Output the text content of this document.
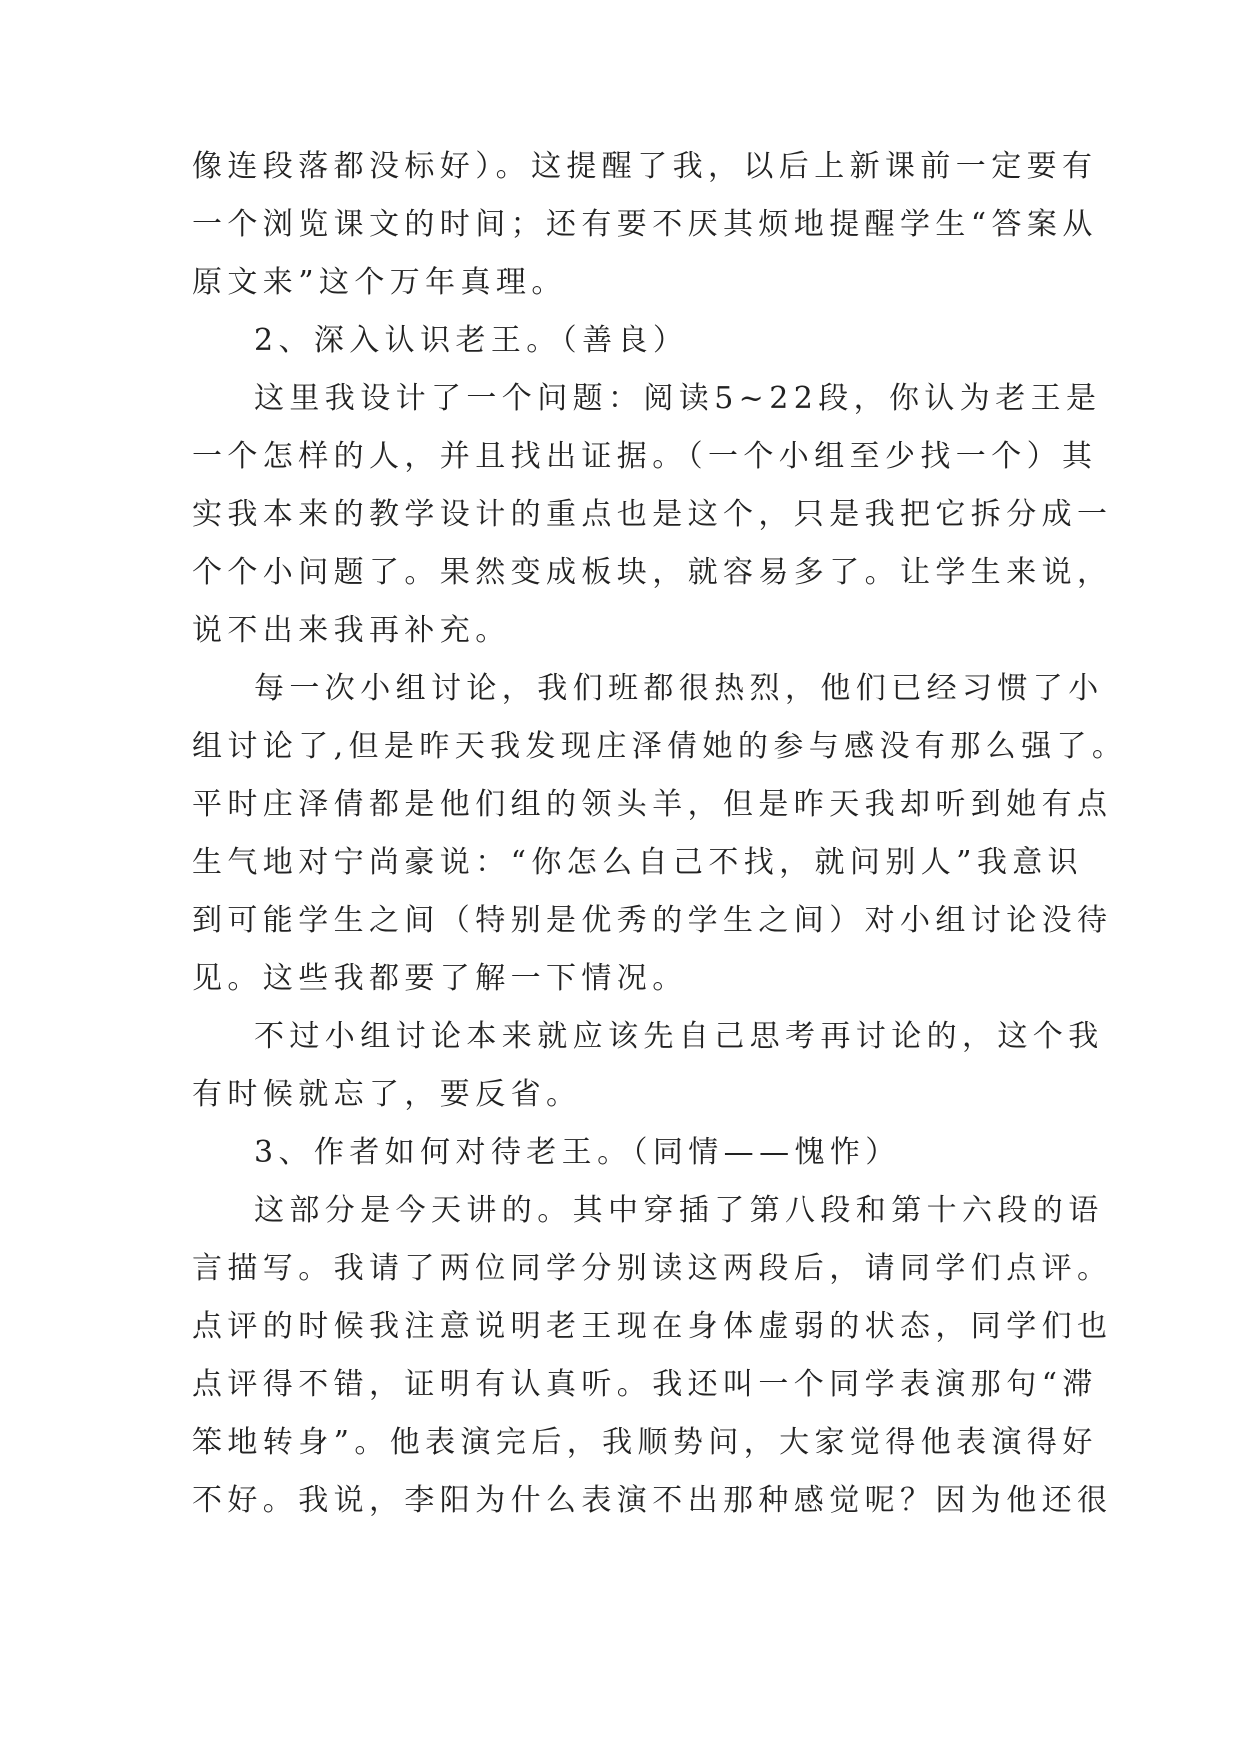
像连段落都没标好）。这提醒了我，以后上新课前一定要有
一个浏览课文的时间；还有要不厌其烦地提醒学生“答案从
原文来”这个万年真理。
2、深入认识老王。（善良）
这里我设计了一个问题：阅读5~22段，你认为老王是
一个怎样的人，并且找出证据。（一个小组至少找一个）其
实我本来的教学设计的重点也是这个，只是我把它拆分成一
个个小问题了。果然变成板块，就容易多了。让学生来说，
说不出来我再补充。
每一次小组讨论，我们班都很热烈，他们已经习惯了小
组讨论了,但是昨天我发现庄泽倩她的参与感没有那么强了。
平时庄泽倩都是他们组的领头羊，但是昨天我却听到她有点
生气地对宁尚豪说：“你怎么自己不找，就问别人”我意识
到可能学生之间（特别是优秀的学生之间）对小组讨论没待
见。这些我都要了解一下情况。
不过小组讨论本来就应该先自己思考再讨论的，这个我
有时候就忘了，要反省。
3、作者如何对待老王。（同情——愧怍）
这部分是今天讲的。其中穿插了第八段和第十六段的语
言描写。我请了两位同学分别读这两段后，请同学们点评。
点评的时候我注意说明老王现在身体虚弱的状态，同学们也
点评得不错，证明有认真听。我还叫一个同学表演那句“滞
笨地转身”。他表演完后，我顺势问，大家觉得他表演得好
不好。我说，李阳为什么表演不出那种感觉呢？因为他还很
